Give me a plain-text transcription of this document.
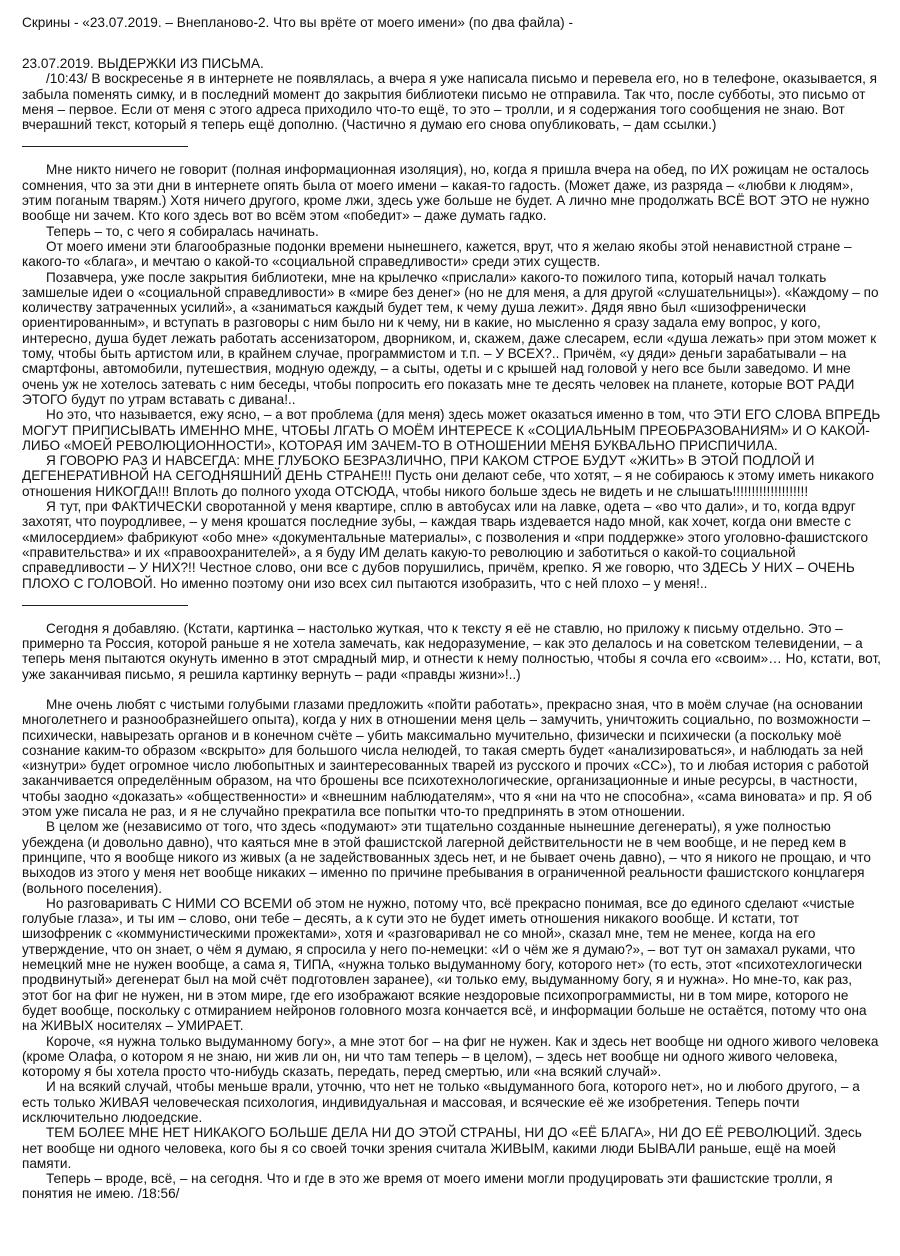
Скрины - «23.07.2019. – Внепланово-2. Что вы врёте от моего имени» (по два файла) -
23.07.2019. ВЫДЕРЖКИ ИЗ ПИСЬМА.
/10:43/ В воскресенье я в интернете не появлялась, а вчера я уже написала письмо и перевела его, но в телефоне, оказывается, я забыла поменять симку, и в последний момент до закрытия библиотеки письмо не отправила. Так что, после субботы, это письмо от меня – первое. Если от меня с этого адреса приходило что-то ещё, то это – тролли, и я содержания того сообщения не знаю. Вот вчерашний текст, который я теперь ещё дополню. (Частично я думаю его снова опубликовать, – дам ссылки.)
Мне никто ничего не говорит (полная информационная изоляция), но, когда я пришла вчера на обед, по ИХ рожицам не осталось сомнения, что за эти дни в интернете опять была от моего имени – какая-то гадость. (Может даже, из разряда – «любви к людям», этим поганым тварям.) Хотя ничего другого, кроме лжи, здесь уже больше не будет. А лично мне продолжать ВСЁ ВОТ ЭТО не нужно вообще ни зачем. Кто кого здесь вот во всём этом «победит» – даже думать гадко.
Теперь – то, с чего я собиралась начинать.
От моего имени эти благообразные подонки времени нынешнего, кажется, врут, что я желаю якобы этой ненавистной стране – какого-то «блага», и мечтаю о какой-то «социальной справедливости» среди этих существ.
Позавчера, уже после закрытия библиотеки, мне на крылечко «прислали» какого-то пожилого типа, который начал толкать замшелые идеи о «социальной справедливости» в «мире без денег» (но не для меня, а для другой «слушательницы»). «Каждому – по количеству затраченных усилий», а «заниматься каждый будет тем, к чему душа лежит». Дядя явно был «шизофренически ориентированным», и вступать в разговоры с ним было ни к чему, ни в какие, но мысленно я сразу задала ему вопрос, у кого, интересно, душа будет лежать работать ассенизатором, дворником, и, скажем, даже слесарем, если «душа лежать» при этом может к тому, чтобы быть артистом или, в крайнем случае, программистом и т.п. – У ВСЕХ?.. Причём, «у дяди» деньги зарабатывали – на смартфоны, автомобили, путешествия, модную одежду, – а сыты, одеты и с крышей над головой у него все были заведомо. И мне очень уж не хотелось затевать с ним беседы, чтобы попросить его показать мне те десять человек на планете, которые ВОТ РАДИ ЭТОГО будут по утрам вставать с дивана!..
Но это, что называется, ежу ясно, – а вот проблема (для меня) здесь может оказаться именно в том, что ЭТИ ЕГО СЛОВА ВПРЕДЬ МОГУТ ПРИПИСЫВАТЬ ИМЕННО МНЕ, ЧТОБЫ ЛГАТЬ О МОЁМ ИНТЕРЕСЕ К «СОЦИАЛЬНЫМ ПРЕОБРАЗОВАНИЯМ» И О КАКОЙ-ЛИБО «МОЕЙ РЕВОЛЮЦИОННОСТИ», КОТОРАЯ ИМ ЗАЧЕМ-ТО В ОТНОШЕНИИ МЕНЯ БУКВАЛЬНО ПРИСПИЧИЛА.
Я ГОВОРЮ РАЗ И НАВСЕГДА: МНЕ ГЛУБОКО БЕЗРАЗЛИЧНО, ПРИ КАКОМ СТРОЕ БУДУТ «ЖИТЬ» В ЭТОЙ ПОДЛОЙ И ДЕГЕНЕРАТИВНОЙ НА СЕГОДНЯШНИЙ ДЕНЬ СТРАНЕ!!! Пусть они делают себе, что хотят, – я не собираюсь к этому иметь никакого отношения НИКОГДА!!! Вплоть до полного ухода ОТСЮДА, чтобы никого больше здесь не видеть и не слышать!!!!!!!!!!!!!!!!!!!!
Я тут, при ФАКТИЧЕСКИ своротанной у меня квартире, сплю в автобусах или на лавке, одета – «во что дали», и то, когда вдруг захотят, что поуродливее, – у меня крошатся последние зубы, – каждая тварь издевается надо мной, как хочет, когда они вместе с «милосердием» фабрикуют «обо мне» «документальные материалы», с позволения и «при поддержке» этого уголовно-фашистского «правительства» и их «правоохранителей», а я буду ИМ делать какую-то революцию и заботиться о какой-то социальной справедливости – У НИХ?!! Честное слово, они все с дубов порушились, причём, крепко. Я же говорю, что ЗДЕСЬ У НИХ – ОЧЕНЬ ПЛОХО С ГОЛОВОЙ. Но именно поэтому они изо всех сил пытаются изобразить, что с ней плохо – у меня!..
Сегодня я добавляю. (Кстати, картинка – настолько жуткая, что к тексту я её не ставлю, но приложу к письму отдельно. Это – примерно та Россия, которой раньше я не хотела замечать, как недоразумение, – как это делалось и на советском телевидении, – а теперь меня пытаются окунуть именно в этот смрадный мир, и отнести к нему полностью, чтобы я сочла его «своим»… Но, кстати, вот, уже заканчивая письмо, я решила картинку вернуть – ради «правды жизни»!..)
Мне очень любят с чистыми голубыми глазами предложить «пойти работать», прекрасно зная, что в моём случае (на основании многолетнего и разнообразнейшего опыта), когда у них в отношении меня цель – замучить, уничтожить социально, по возможности – психически, навырезать органов и в конечном счёте – убить максимально мучительно, физически и психически (а поскольку моё сознание каким-то образом «вскрыто» для большого числа нелюдей, то такая смерть будет «анализироваться», и наблюдать за ней «изнутри» будет огромное число любопытных и заинтересованных тварей из русского и прочих «СС»), то и любая история с работой заканчивается определённым образом, на что брошены все психотехнологические, организационные и иные ресурсы, в частности, чтобы заодно «доказать» «общественности» и «внешним наблюдателям», что я «ни на что не способна», «сама виновата» и пр. Я об этом уже писала не раз, и я не случайно прекратила все попытки что-то предпринять в этом отношении.
В целом же (независимо от того, что здесь «подумают» эти тщательно созданные нынешние дегенераты), я уже полностью убеждена (и довольно давно), что каяться мне в этой фашистской лагерной действительности не в чем вообще, и не перед кем в принципе, что я вообще никого из живых (а не задействованных здесь нет, и не бывает очень давно), – что я никого не прощаю, и что выходов из этого у меня нет вообще никаких – именно по причине пребывания в ограниченной реальности фашистского концлагеря (вольного поселения).
Но разговаривать С НИМИ СО ВСЕМИ об этом не нужно, потому что, всё прекрасно понимая, все до единого сделают «чистые голубые глаза», и ты им – слово, они тебе – десять, а к сути это не будет иметь отношения никакого вообще. И кстати, тот шизофреник с «коммунистическими прожектами», хотя и «разговаривал не со мной», сказал мне, тем не менее, когда на его утверждение, что он знает, о чём я думаю, я спросила у него по-немецки: «И о чём же я думаю?», – вот тут он замахал руками, что немецкий мне не нужен вообще, а сама я, ТИПА, «нужна только выдуманному богу, которого нет» (то есть, этот «психотехлогически продвинутый» дегенерат был на мой счёт подготовлен заранее), «и только ему, выдуманному богу, я и нужна». Но мне-то, как раз, этот бог на фиг не нужен, ни в этом мире, где его изображают всякие нездоровые психопрограммисты, ни в том мире, которого не будет вообще, поскольку с отмиранием нейронов головного мозга кончается всё, и информации больше не остаётся, потому что она на ЖИВЫХ носителях – УМИРАЕТ.
Короче, «я нужна только выдуманному богу», а мне этот бог – на фиг не нужен. Как и здесь нет вообще ни одного живого человека (кроме Олафа, о котором я не знаю, ни жив ли он, ни что там теперь – в целом), – здесь нет вообще ни одного живого человека, которому я бы хотела просто что-нибудь сказать, передать, перед смертью, или «на всякий случай».
И на всякий случай, чтобы меньше врали, уточню, что нет не только «выдуманного бога, которого нет», но и любого другого, – а есть только ЖИВАЯ человеческая психология, индивидуальная и массовая, и всяческие её же изобретения. Теперь почти исключительно людоедские.
ТЕМ БОЛЕЕ МНЕ НЕТ НИКАКОГО БОЛЬШЕ ДЕЛА НИ ДО ЭТОЙ СТРАНЫ, НИ ДО «ЕЁ БЛАГА», НИ ДО ЕЁ РЕВОЛЮЦИЙ. Здесь нет вообще ни одного человека, кого бы я со своей точки зрения считала ЖИВЫМ, какими люди БЫВАЛИ раньше, ещё на моей памяти.
Теперь – вроде, всё, – на сегодня. Что и где в это же время от моего имени могли продуцировать эти фашистские тролли, я понятия не имею. /18:56/
